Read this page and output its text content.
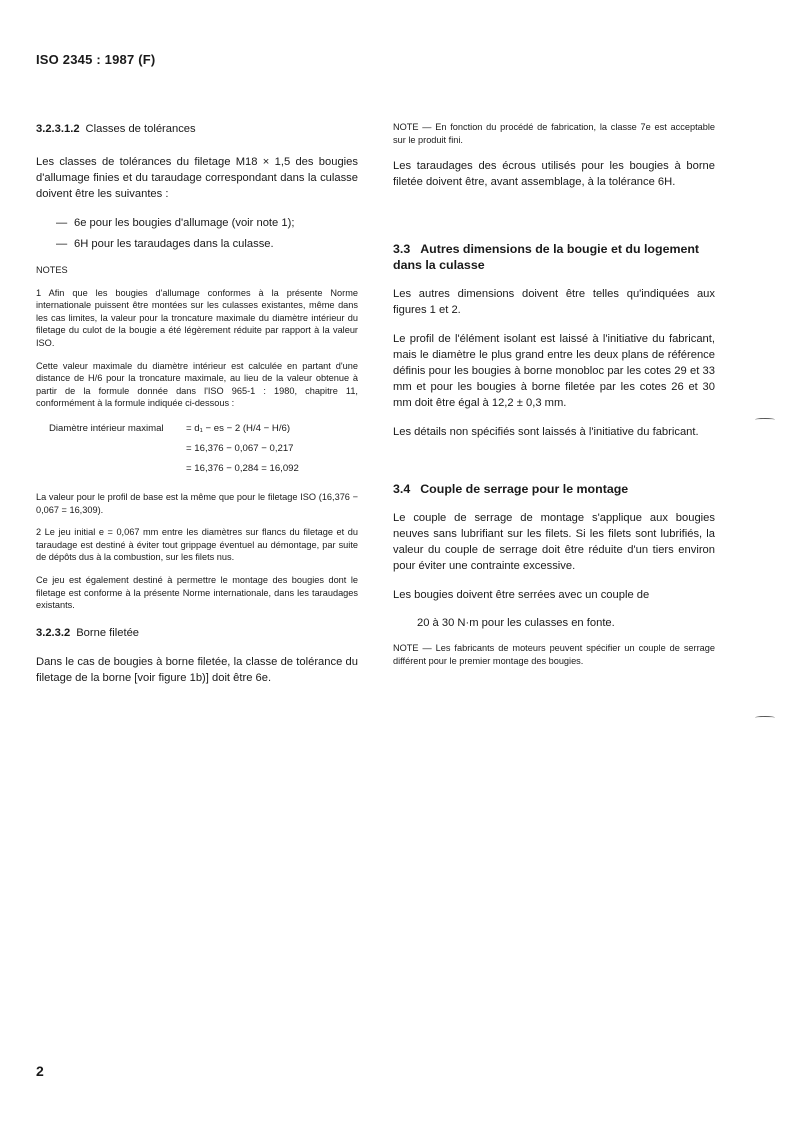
ISO 2345 : 1987 (F)

3.2.3.1.2 Classes de tolérances

Les classes de tolérances du filetage M18 × 1,5 des bougies d'allumage finies et du taraudage correspondant dans la culasse doivent être les suivantes :

— 6e pour les bougies d'allumage (voir note 1);
— 6H pour les taraudages dans la culasse.

NOTES

1 Afin que les bougies d'allumage conformes à la présente Norme internationale puissent être montées sur les culasses existantes, même dans les cas limites, la valeur pour la troncature maximale du diamètre intérieur du filetage du culot de la bougie a été légèrement réduite par rapport à la valeur ISO.

Cette valeur maximale du diamètre intérieur est calculée en partant d'une distance de H/6 pour la troncature maximale, au lieu de la valeur obtenue à partir de la formule donnée dans l'ISO 965-1 : 1980, chapitre 11, conformément à la formule indiquée ci-dessous :

Diamètre intérieur maximal	= d₁ − es − 2 (H/4 − H/6)
= 16,376 − 0,067 − 0,217
= 16,376 − 0,284 = 16,092

La valeur pour le profil de base est la même que pour le filetage ISO (16,376 − 0,067 = 16,309).

2 Le jeu initial e = 0,067 mm entre les diamètres sur flancs du filetage et du taraudage est destiné à éviter tout grippage éventuel au démontage, par suite de dépôts dus à la combustion, sur les filets nus.

Ce jeu est également destiné à permettre le montage des bougies dont le filetage est conforme à la présente Norme internationale, dans les taraudages existants.

3.2.3.2 Borne filetée

Dans le cas de bougies à borne filetée, la classe de tolérance du filetage de la borne [voir figure 1b)] doit être 6e.

NOTE — En fonction du procédé de fabrication, la classe 7e est acceptable sur le produit fini.

Les taraudages des écrous utilisés pour les bougies à borne filetée doivent être, avant assemblage, à la tolérance 6H.

3.3 Autres dimensions de la bougie et du logement dans la culasse

Les autres dimensions doivent être telles qu'indiquées aux figures 1 et 2.

Le profil de l'élément isolant est laissé à l'initiative du fabricant, mais le diamètre le plus grand entre les deux plans de référence définis pour les bougies à borne monobloc par les cotes 29 et 33 mm et pour les bougies à borne filetée par les cotes 26 et 30 mm doit être égal à 12,2 ± 0,3 mm.

Les détails non spécifiés sont laissés à l'initiative du fabricant.

3.4 Couple de serrage pour le montage

Le couple de serrage de montage s'applique aux bougies neuves sans lubrifiant sur les filets. Si les filets sont lubrifiés, la valeur du couple de serrage doit être réduite d'un tiers environ pour éviter une contrainte excessive.

Les bougies doivent être serrées avec un couple de

20 à 30 N·m pour les culasses en fonte.

NOTE — Les fabricants de moteurs peuvent spécifier un couple de serrage différent pour le premier montage des bougies.

2
